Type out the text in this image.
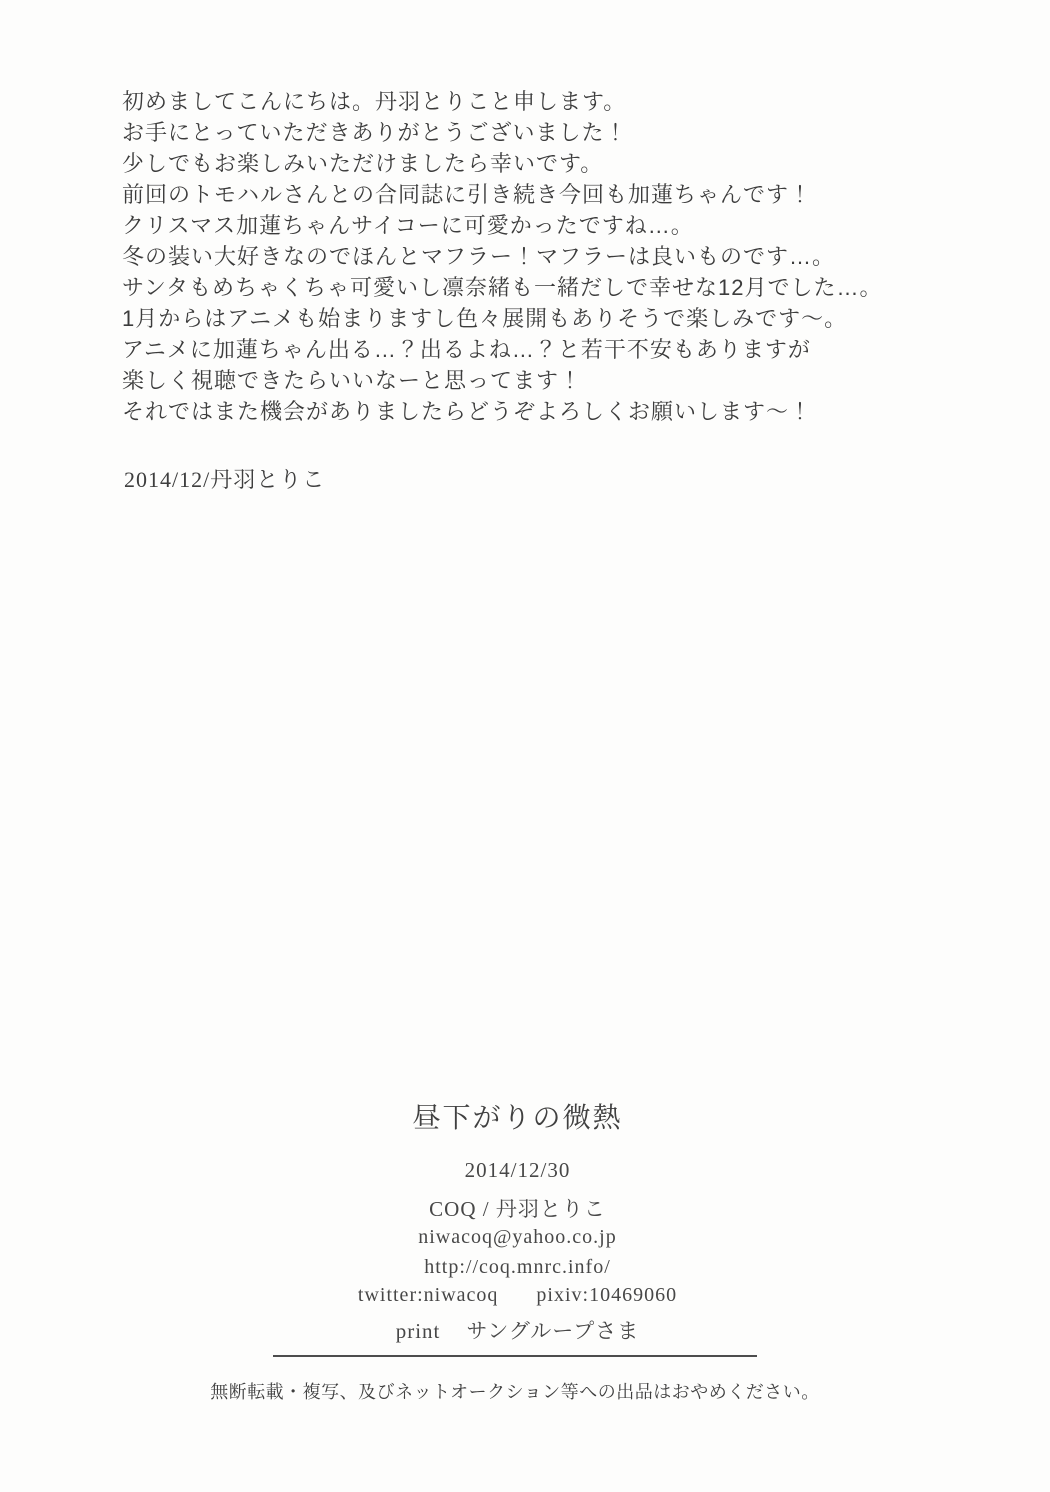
初めましてこんにちは。丹羽とりこと申します。
お手にとっていただきありがとうございました！
少しでもお楽しみいただけましたら幸いです。
前回のトモハルさんとの合同誌に引き続き今回も加蓮ちゃんです！
クリスマス加蓮ちゃんサイコーに可愛かったですね…。
冬の装い大好きなのでほんとマフラー！マフラーは良いものです…。
サンタもめちゃくちゃ可愛いし凛奈緒も一緒だしで幸せな12月でした…。
1月からはアニメも始まりますし色々展開もありそうで楽しみです～。
アニメに加蓮ちゃん出る…？出るよね…？と若干不安もありますが
楽しく視聴できたらいいなーと思ってます！
それではまた機会がありましたらどうぞよろしくお願いします～！
2014/12/丹羽とりこ
昼下がりの微熱
2014/12/30
COQ / 丹羽とりこ
niwacoq@yahoo.co.jp
http://coq.mnrc.info/
twitter:niwacoq pixiv:10469060
print サングループさま
無断転載・複写、及びネットオークション等への出品はおやめください。
